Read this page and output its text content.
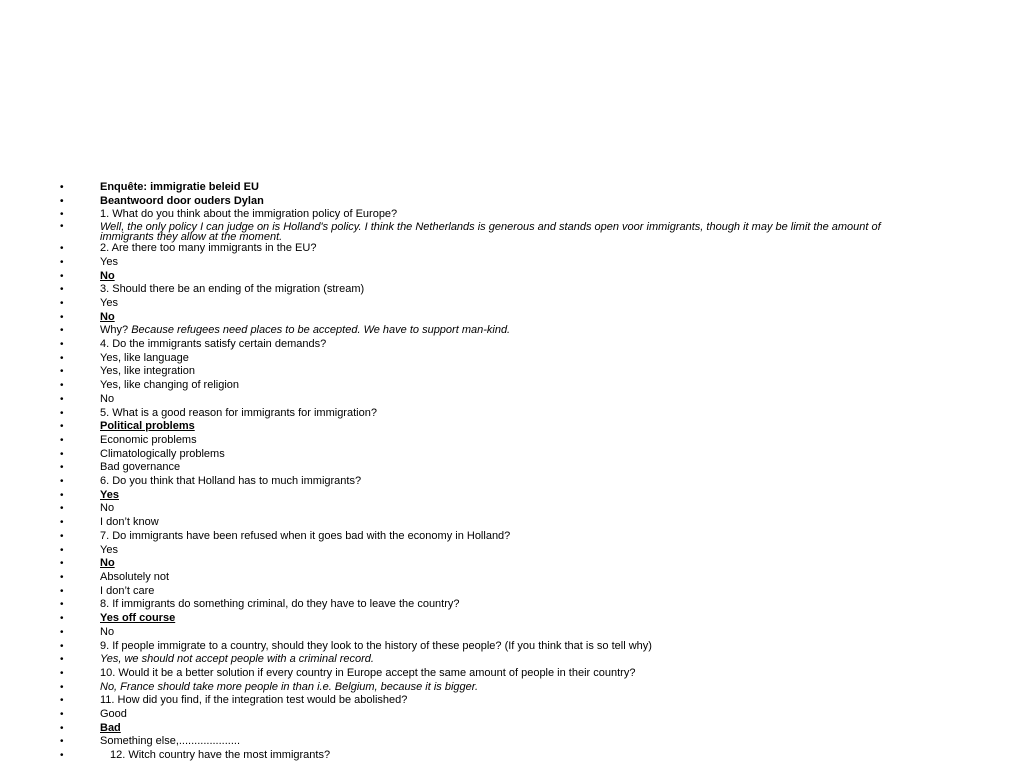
•	Enquête: immigratie beleid EU
•	Beantwoord door ouders Dylan
•	1. What do you think about the immigration policy of Europe?
•	Well, the only policy I can judge on is Holland's policy. I think the Netherlands is generous and stands open voor immigrants, though it may be limit the amount of immigrants they allow at the moment.
•	2. Are there too many immigrants in the EU?
•	Yes
•	No
•	3. Should there be an ending of the migration (stream)
•	Yes
•	No
•	Why? Because refugees need places to be accepted. We have to support man-kind.
•	4. Do the immigrants satisfy certain demands?
•	Yes, like language
•	Yes, like integration
•	Yes, like changing of religion
•	No
•	5. What is a good reason for immigrants for immigration?
•	Political problems
•	Economic problems
•	Climatologically problems
•	Bad governance
•	6. Do you think that Holland has to much immigrants?
•	Yes
•	No
•	I don’t know
•	7. Do immigrants have been refused when it goes bad with the economy in Holland?
•	Yes
•	No
•	Absolutely not
•	I don’t care
•	8. If immigrants do something criminal, do they have to leave the country?
•	Yes off course
•	No
•	9. If people immigrate to a country, should they look to the history of these people? (If you think that is so tell why)
•	Yes, we should not accept people with a criminal record.
•	10. Would it be a better solution if every country in Europe accept the same amount of people in their country?
•	No, France should take more people in than i.e. Belgium, because it is bigger.
•	11. How did you find, if the integration test would be abolished?
•	Good
•	Bad
•	Something else,....................
•	12. Witch country have the most immigrants?
